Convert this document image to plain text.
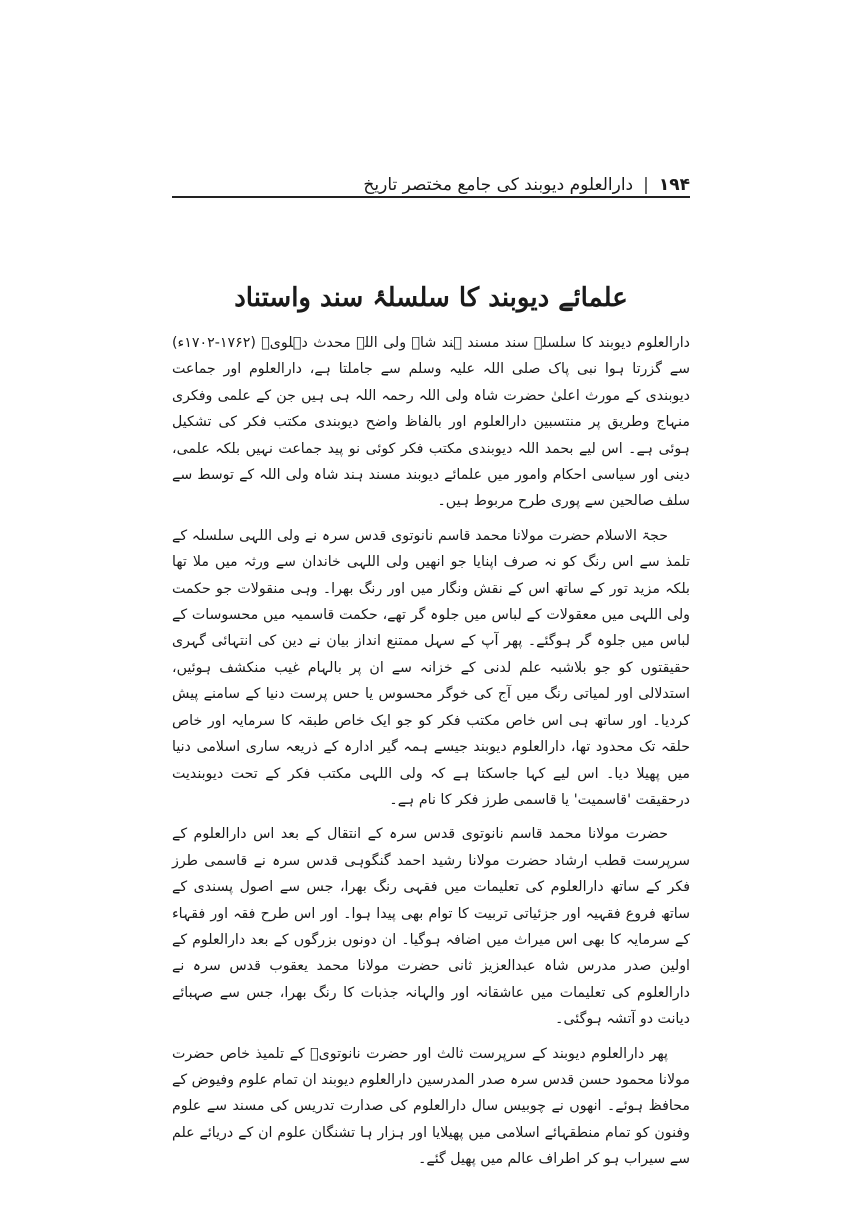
۱۹۴
|
دارالعلوم دیوبند کی جامع مختصر تاریخ
علمائے دیوبند کا سلسلۂ سند واستناد

دارالعلوم دیوبند کا سلسلۂ سند مسند ہند شاہ ولی اللہ محدث دہلویؒ (۱۷۶۲-۱۷۰۲ء) سے گزرتا ہوا نبی پاک صلی اللہ علیہ وسلم سے جاملتا ہے، دارالعلوم اور جماعت دیوبندی کے مورث اعلیٰ حضرت شاہ ولی اللہ رحمہ اللہ ہی ہیں جن کے علمی وفکری منہاج وطریق پر منتسبین دارالعلوم اور بالفاظ واضح دیوبندی مکتب فکر کی تشکیل ہوئی ہے۔ اس لیے بحمد اللہ دیوبندی مکتب فکر کوئی نو پید جماعت نہیں بلکہ علمی، دینی اور سیاسی احکام وامور میں علمائے دیوبند مسند ہند شاہ ولی اللہ کے توسط سے سلف صالحین سے پوری طرح مربوط ہیں۔

حجۃ الاسلام حضرت مولانا محمد قاسم نانوتوی قدس سرہ نے ولی اللہی سلسلہ کے تلمذ سے اس رنگ کو نہ صرف اپنایا جو انھیں ولی اللہی خاندان سے ورثہ میں ملا تھا بلکہ مزید تور کے ساتھ اس کے نقش ونگار میں اور رنگ بھرا۔ وہی منقولات جو حکمت ولی اللہی میں معقولات کے لباس میں جلوہ گر تھے، حکمت قاسمیہ میں محسوسات کے لباس میں جلوہ گر ہوگئے۔ پھر آپ کے سہل ممتنع انداز بیان نے دین کی انتہائی گہری حقیقتوں کو جو بلاشبہ علم لدنی کے خزانہ سے ان پر بالہام غیب منکشف ہوئیں، استدلالی اور لمیاتی رنگ میں آج کی خوگر محسوس یا حس پرست دنیا کے سامنے پیش کردیا۔ اور ساتھ ہی اس خاص مکتب فکر کو جو ایک خاص طبقہ کا سرمایہ اور خاص حلقہ تک محدود تھا، دارالعلوم دیوبند جیسے ہمہ گیر ادارہ کے ذریعہ ساری اسلامی دنیا میں پھیلا دیا۔ اس لیے کہا جاسکتا ہے کہ ولی اللہی مکتب فکر کے تحت دیوبندیت درحقیقت 'قاسمیت' یا قاسمی طرز فکر کا نام ہے۔

حضرت مولانا محمد قاسم نانوتوی قدس سرہ کے انتقال کے بعد اس دارالعلوم کے سرپرست قطب ارشاد حضرت مولانا رشید احمد گنگوہی قدس سرہ نے قاسمی طرز فکر کے ساتھ دارالعلوم کی تعلیمات میں فقہی رنگ بھرا، جس سے اصول پسندی کے ساتھ فروع فقہیہ اور جزئیاتی تربیت کا توام بھی پیدا ہوا۔ اور اس طرح فقہ اور فقہاء کے سرمایہ کا بھی اس میراث میں اضافہ ہوگیا۔ ان دونوں بزرگوں کے بعد دارالعلوم کے اولین صدر مدرس شاہ عبدالعزیز ثانی حضرت مولانا محمد یعقوب قدس سرہ نے دارالعلوم کی تعلیمات میں عاشقانہ اور والہانہ جذبات کا رنگ بھرا، جس سے صہبائے دیانت دو آتشہ ہوگئی۔

پھر دارالعلوم دیوبند کے سرپرست ثالث اور حضرت نانوتویؒ کے تلمیذ خاص حضرت مولانا محمود حسن قدس سرہ صدر المدرسین دارالعلوم دیوبند ان تمام علوم وفیوض کے محافظ ہوئے۔ انھوں نے چوبیس سال دارالعلوم کی صدارت تدریس کی مسند سے علوم وفنون کو تمام منطقہائے اسلامی میں پھیلایا اور ہزار ہا تشنگان علوم ان کے دریائے علم سے سیراب ہو کر اطراف عالم میں پھیل گئے۔
